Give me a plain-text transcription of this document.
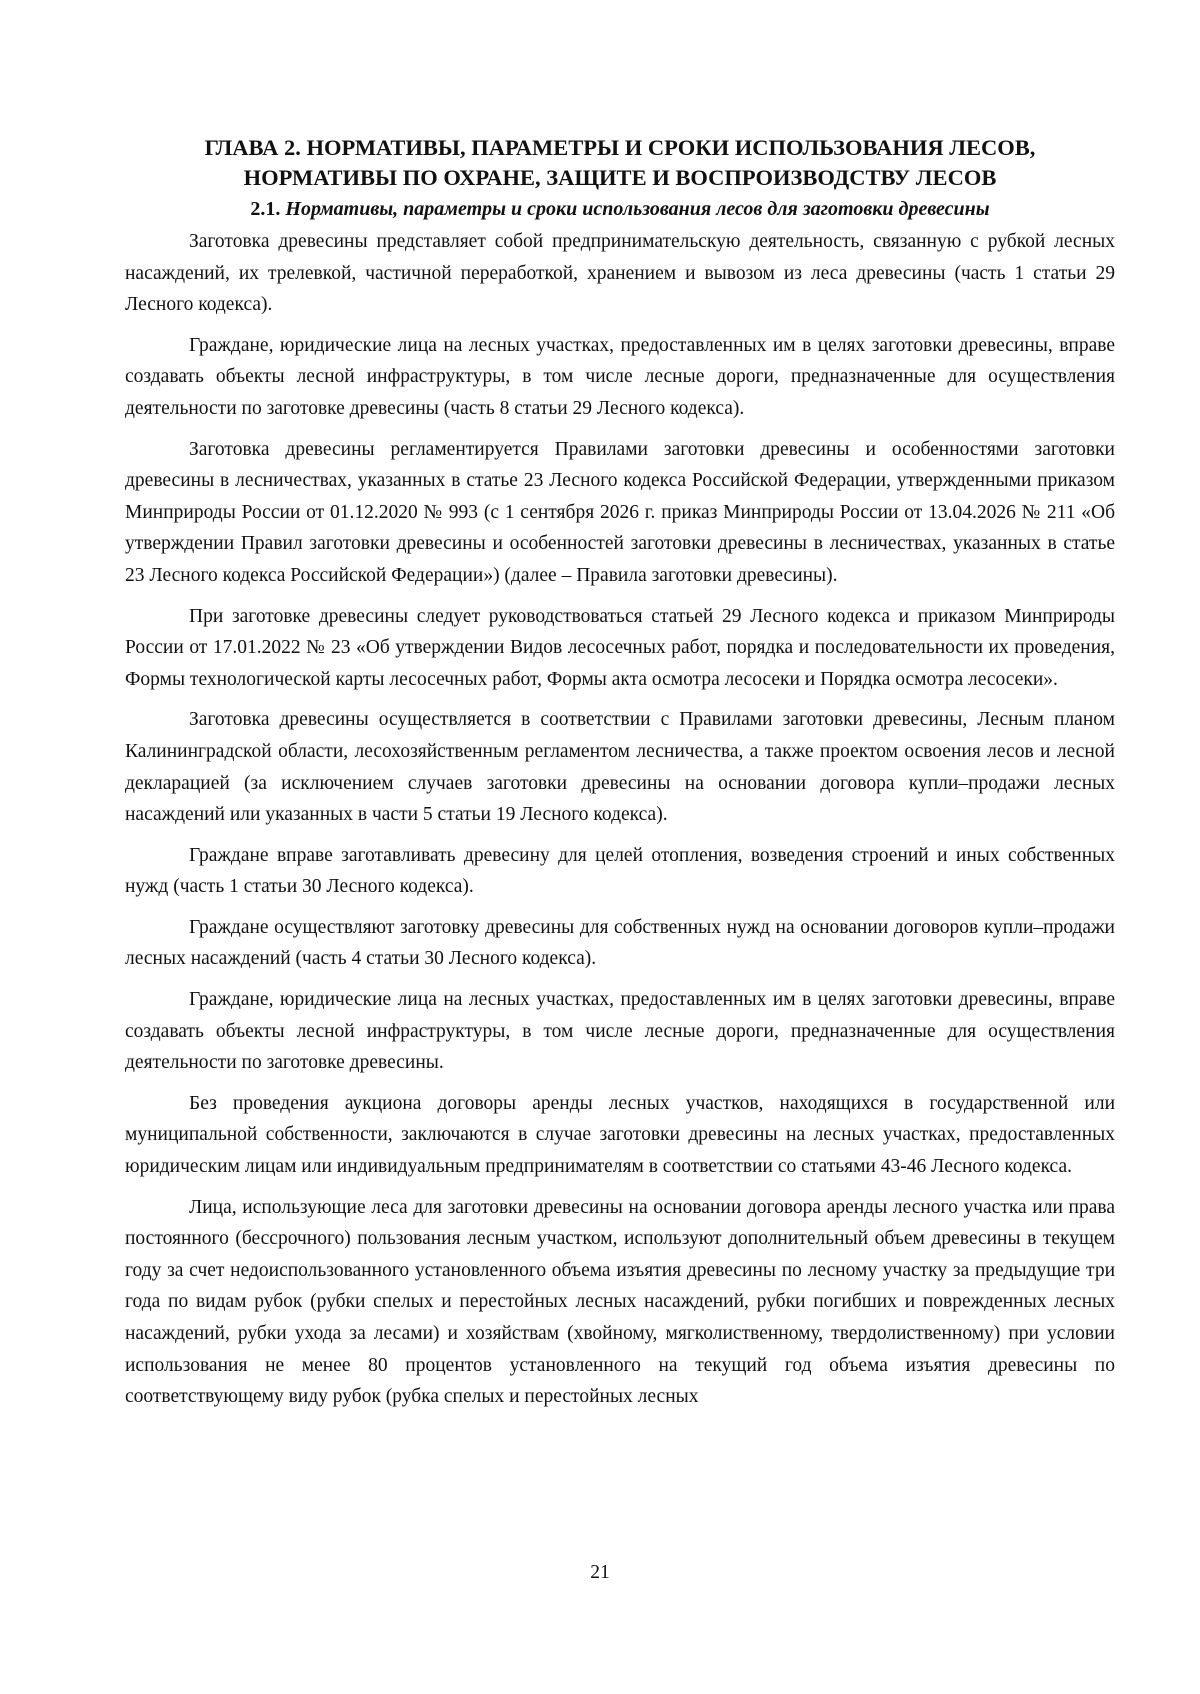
ГЛАВА 2. НОРМАТИВЫ, ПАРАМЕТРЫ И СРОКИ ИСПОЛЬЗОВАНИЯ ЛЕСОВ,
НОРМАТИВЫ ПО ОХРАНЕ, ЗАЩИТЕ И ВОСПРОИЗВОДСТВУ ЛЕСОВ
2.1. Нормативы, параметры и сроки использования лесов для заготовки древесины

Заготовка древесины представляет собой предпринимательскую деятельность, связанную с рубкой лесных насаждений, их трелевкой, частичной переработкой, хранением и вывозом из леса древесины (часть 1 статьи 29 Лесного кодекса).

Граждане, юридические лица на лесных участках, предоставленных им в целях заготовки древесины, вправе создавать объекты лесной инфраструктуры, в том числе лесные дороги, предназначенные для осуществления деятельности по заготовке древесины (часть 8 статьи 29 Лесного кодекса).

Заготовка древесины регламентируется Правилами заготовки древесины и особенностями заготовки древесины в лесничествах, указанных в статье 23 Лесного кодекса Российской Федерации, утвержденными приказом Минприроды России от 01.12.2020 № 993 (с 1 сентября 2026 г. приказ Минприроды России от 13.04.2026 № 211 «Об утверждении Правил заготовки древесины и особенностей заготовки древесины в лесничествах, указанных в статье 23 Лесного кодекса Российской Федерации») (далее – Правила заготовки древесины).

При заготовке древесины следует руководствоваться статьей 29 Лесного кодекса и приказом Минприроды России от 17.01.2022 № 23 «Об утверждении Видов лесосечных работ, порядка и последовательности их проведения, Формы технологической карты лесосечных работ, Формы акта осмотра лесосеки и Порядка осмотра лесосеки».

Заготовка древесины осуществляется в соответствии с Правилами заготовки древесины, Лесным планом Калининградской области, лесохозяйственным регламентом лесничества, а также проектом освоения лесов и лесной декларацией (за исключением случаев заготовки древесины на основании договора купли–продажи лесных насаждений или указанных в части 5 статьи 19 Лесного кодекса).

Граждане вправе заготавливать древесину для целей отопления, возведения строений и иных собственных нужд (часть 1 статьи 30 Лесного кодекса).

Граждане осуществляют заготовку древесины для собственных нужд на основании договоров купли–продажи лесных насаждений (часть 4 статьи 30 Лесного кодекса).

Граждане, юридические лица на лесных участках, предоставленных им в целях заготовки древесины, вправе создавать объекты лесной инфраструктуры, в том числе лесные дороги, предназначенные для осуществления деятельности по заготовке древесины.

Без проведения аукциона договоры аренды лесных участков, находящихся в государственной или муниципальной собственности, заключаются в случае заготовки древесины на лесных участках, предоставленных юридическим лицам или индивидуальным предпринимателям в соответствии со статьями 43-46 Лесного кодекса.

Лица, использующие леса для заготовки древесины на основании договора аренды лесного участка или права постоянного (бессрочного) пользования лесным участком, используют дополнительный объем древесины в текущем году за счет недоиспользованного установленного объема изъятия древесины по лесному участку за предыдущие три года по видам рубок (рубки спелых и перестойных лесных насаждений, рубки погибших и поврежденных лесных насаждений, рубки ухода за лесами) и хозяйствам (хвойному, мягколиственному, твердолиственному) при условии использования не менее 80 процентов установленного на текущий год объема изъятия древесины по соответствующему виду рубок (рубка спелых и перестойных лесных

21
